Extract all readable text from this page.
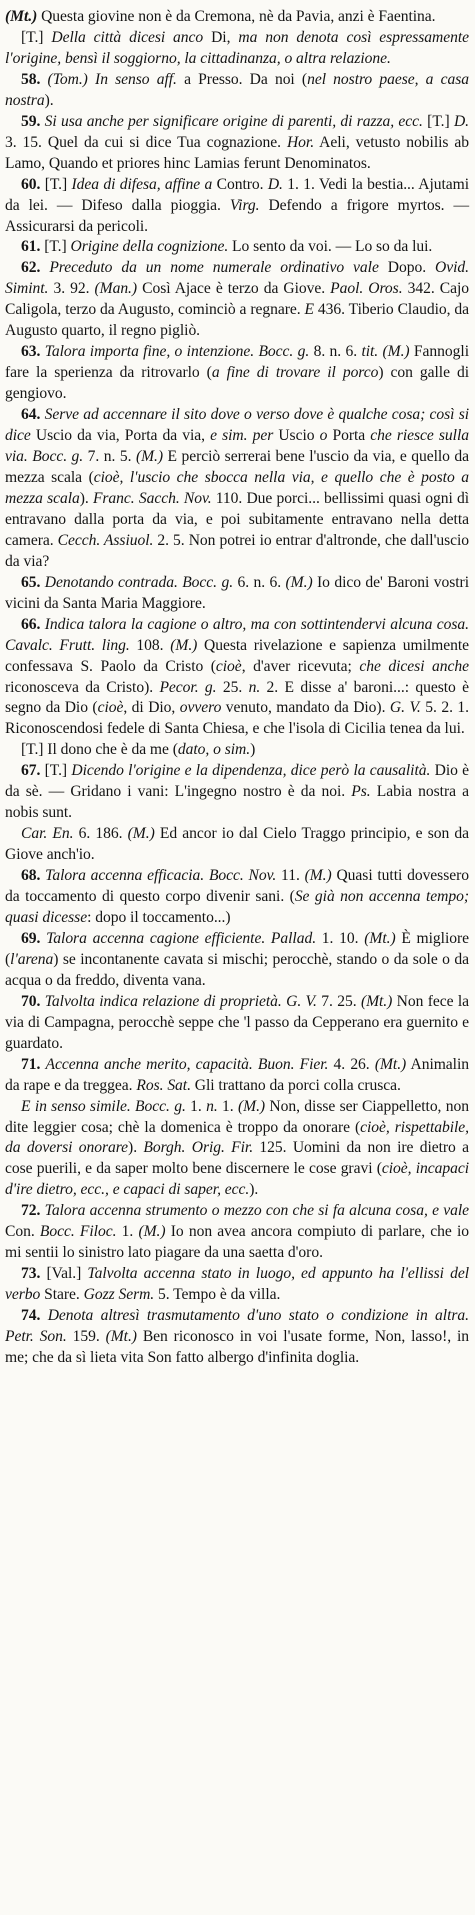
(Mt.) Questa giovine non è da Cremona, nè da Pavia, anzi è Faentina.

[T.] Della città dicesi anco Di, ma non denota così espressamente l'origine, bensì il soggiorno, la cittadinanza, o altra relazione.

58. (Tom.) In senso aff. a Presso. Da noi (nel nostro paese, a casa nostra).

59. Si usa anche per significare origine di parenti, di razza, ecc. [T.] D. 3. 15. Quel da cui si dice Tua cognazione. Hor. Aeli, vetusto nobilis ab Lamo, Quando et priores hinc Lamias ferunt Denominatos.

60. [T.] Idea di difesa, affine a Contro. D. 1. 1. Vedi la bestia... Ajutami da lei. — Difeso dalla pioggia. Virg. Defendo a frigore myrtos. — Assicurarsi da pericoli.

61. [T.] Origine della cognizione. Lo sento da voi. — Lo so da lui.

62. Preceduto da un nome numerale ordinativo vale Dopo. Ovid. Simint. 3. 92. (Man.) Così Ajace è terzo da Giove. Paol. Oros. 342. Cajo Caligola, terzo da Augusto, cominciò a regnare. E 436. Tiberio Claudio, da Augusto quarto, il regno pigliò.

63. Talora importa fine, o intenzione. Bocc. g. 8. n. 6. tit. (M.) Fannogli fare la sperienza da ritrovarlo (a fine di trovare il porco) con galle di gengiovo.

64. Serve ad accennare il sito dove o verso dove è qualche cosa; così si dice Uscio da via, Porta da via, e sim. per Uscio o Porta che riesce sulla via. Bocc. g. 7. n. 5. (M.) E perciò serrerai bene l'uscio da via, e quello da mezza scala (cioè, l'uscio che sbocca nella via, e quello che è posto a mezza scala). Franc. Sacch. Nov. 110. Due porci... bellissimi quasi ogni dì entravano dalla porta da via, e poi subitamente entravano nella detta camera. Cecch. Assiuol. 2. 5. Non potrei io entrar d'altronde, che dall'uscio da via?

65. Denotando contrada. Bocc. g. 6. n. 6. (M.) Io dico de' Baroni vostri vicini da Santa Maria Maggiore.

66. Indica talora la cagione o altro, ma con sottintendervi alcuna cosa. Cavalc. Frutt. ling. 108. (M.) Questa rivelazione e sapienza umilmente confessava S. Paolo da Cristo (cioè, d'aver ricevuta; che dicesi anche riconosceva da Cristo). Pecor. g. 25. n. 2. E disse a' baroni...: questo è segno da Dio (cioè, di Dio, ovvero venuto, mandato da Dio). G. V. 5. 2. 1. Riconoscendosi fedele di Santa Chiesa, e che l'isola di Cicilia tenea da lui.

[T.] Il dono che è da me (dato, o sim.)

67. [T.] Dicendo l'origine e la dipendenza, dice però la causalità. Dio è da sè. — Gridano i vani: L'ingegno nostro è da noi. Ps. Labia nostra a nobis sunt.

Car. En. 6. 186. (M.) Ed ancor io dal Cielo Traggo principio, e son da Giove anch'io.

68. Talora accenna efficacia. Bocc. Nov. 11. (M.) Quasi tutti dovessero da toccamento di questo corpo divenir sani. (Se già non accenna tempo; quasi dicesse: dopo il toccamento...)

69. Talora accenna cagione efficiente. Pallad. 1. 10. (Mt.) È migliore (l'arena) se incontanente cavata si mischi; perocchè, stando o da sole o da acqua o da freddo, diventa vana.

70. Talvolta indica relazione di proprietà. G. V. 7. 25. (Mt.) Non fece la via di Campagna, perocchè seppe che 'l passo da Cepperano era guernito e guardato.

71. Accenna anche merito, capacità. Buon. Fier. 4. 26. (Mt.) Animalin da rape e da treggea. Ros. Sat. Gli trattano da porci colla crusca.

E in senso simile. Bocc. g. 1. n. 1. (M.) Non, disse ser Ciappelletto, non dite leggier cosa; chè la domenica è troppo da onorare (cioè, rispettabile, da doversi onorare). Borgh. Orig. Fir. 125. Uomini da non ire dietro a cose puerili, e da saper molto bene discernere le cose gravi (cioè, incapaci d'ire dietro, ecc., e capaci di saper, ecc.).

72. Talora accenna strumento o mezzo con che si fa alcuna cosa, e vale Con. Bocc. Filoc. 1. (M.) Io non avea ancora compiuto di parlare, che io mi sentii lo sinistro lato piagare da una saetta d'oro.

73. [Val.] Talvolta accenna stato in luogo, ed appunto ha l'ellissi del verbo Stare. Gozz Serm. 5. Tempo è da villa.

74. Denota altresì trasmutamento d'uno stato o condizione in altra. Petr. Son. 159. (Mt.) Ben riconosco in voi l'usate forme, Non, lasso!, in me; che da sì lieta vita Son fatto albergo d'infinita doglia.
